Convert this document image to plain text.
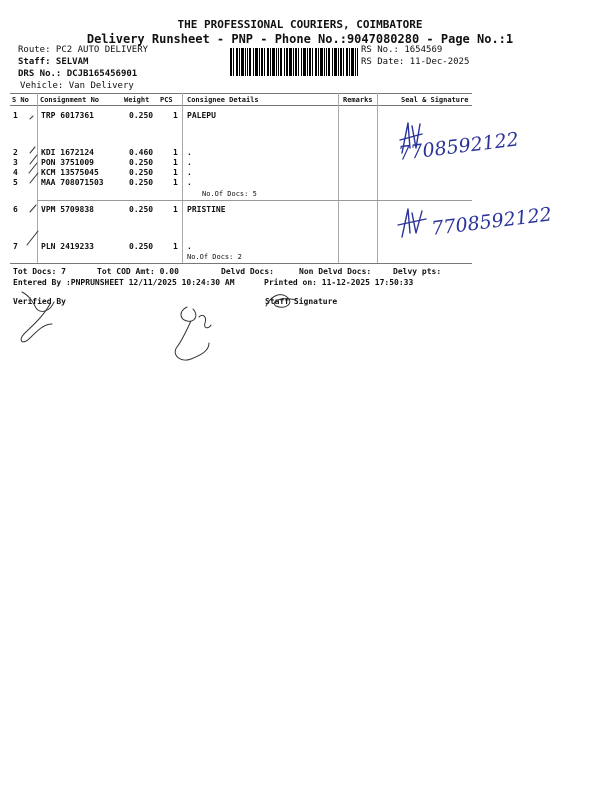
THE PROFESSIONAL COURIERS, COIMBATORE
Delivery Runsheet - PNP - Phone No.:9047080280 - Page No.:1
Route: PC2 AUTO DELIVERY
Staff: SELVAM
DRS No.: DCJB165456901
Vehicle: Van Delivery
RS No.: 1654569
RS Date: 11-Dec-2025
S No Consignment No	Weight PCS Consignee Details	Remarks	Seal & Signature
1	TRP 6017361	0.250 1 PALEPU
2	KDI 1672124	0.460 1 .
3	PON 3751009	0.250 1 .
4	KCM 13575045	0.250 1 .
5	MAA 708071503	0.250 1 .
No.Of Docs: 5
6	VPM 5709838	0.250 1 PRISTINE
7	PLN 2419233	0.250 1 .
No.Of Docs: 2
7708592122
7708592122
Tot Docs: 7	Tot COD Amt: 0.00	Delvd Docs:	Non Delvd Docs:	Delvy pts:
Entered By :PNPRUNSHEET 12/11/2025 10:24:30 AM	Printed on: 11-12-2025 17:50:33
Verified By	Staff Signature
